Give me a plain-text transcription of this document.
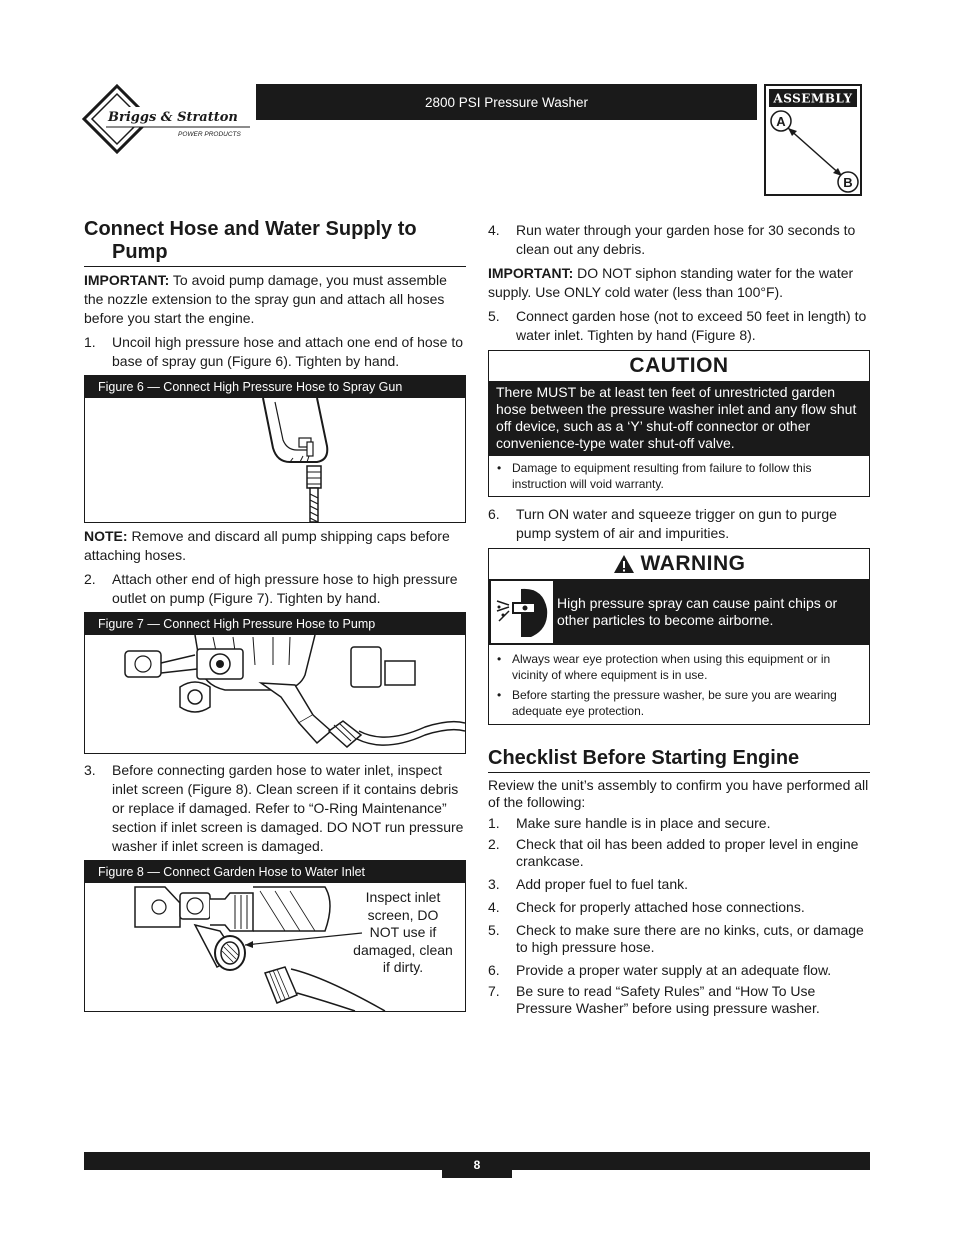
Briggs & Stratton
POWER PRODUCTS
2800 PSI Pressure Washer	ASSEMBLY
A
B
Connect Hose and Water Supply to
Pump

IMPORTANT: To avoid pump damage, you must assemble the nozzle extension to the spray gun and attach all hoses before you start the engine.

1.	Uncoil high pressure hose and attach one end of hose to base of spray gun (Figure 6). Tighten by hand.
Figure 6 — Connect High Pressure Hose to Spray Gun

NOTE: Remove and discard all pump shipping caps before attaching hoses.

2.	Attach other end of high pressure hose to high pressure outlet on pump (Figure 7). Tighten by hand.
Figure 7 — Connect High Pressure Hose to Pump
3.	Before connecting garden hose to water inlet, inspect inlet screen (Figure 8). Clean screen if it contains debris or replace if damaged. Refer to “O-Ring Maintenance” section if inlet screen is damaged. DO NOT run pressure washer if inlet screen is damaged.
Figure 8 — Connect Garden Hose to Water Inlet
Inspect inlet screen, DO NOT use if damaged, clean if dirty.
4.	Run water through your garden hose for 30 seconds to clean out any debris.

IMPORTANT: DO NOT siphon standing water for the water supply. Use ONLY cold water (less than 100°F).

5.	Connect garden hose (not to exceed 50 feet in length) to water inlet. Tighten by hand (Figure 8).
CAUTION
There MUST be at least ten feet of unrestricted garden hose between the pressure washer inlet and any flow shut off device, such as a ‘Y’ shut-off connector or other convenience-type water shut-off valve.
• Damage to equipment resulting from failure to follow this instruction will void warranty.
6.	Turn ON water and squeeze trigger on gun to purge pump system of air and impurities.
WARNING
High pressure spray can cause paint chips or other particles to become airborne.
• Always wear eye protection when using this equipment or in vicinity of where equipment is in use.
• Before starting the pressure washer, be sure you are wearing adequate eye protection.
Checklist Before Starting Engine

Review the unit’s assembly to confirm you have performed all of the following:

1.	Make sure handle is in place and secure.
2.	Check that oil has been added to proper level in engine crankcase.
3.	Add proper fuel to fuel tank.
4.	Check for properly attached hose connections.
5.	Check to make sure there are no kinks, cuts, or damage to high pressure hose.
6.	Provide a proper water supply at an adequate flow.
7.	Be sure to read “Safety Rules” and “How To Use Pressure Washer” before using pressure washer.
8
